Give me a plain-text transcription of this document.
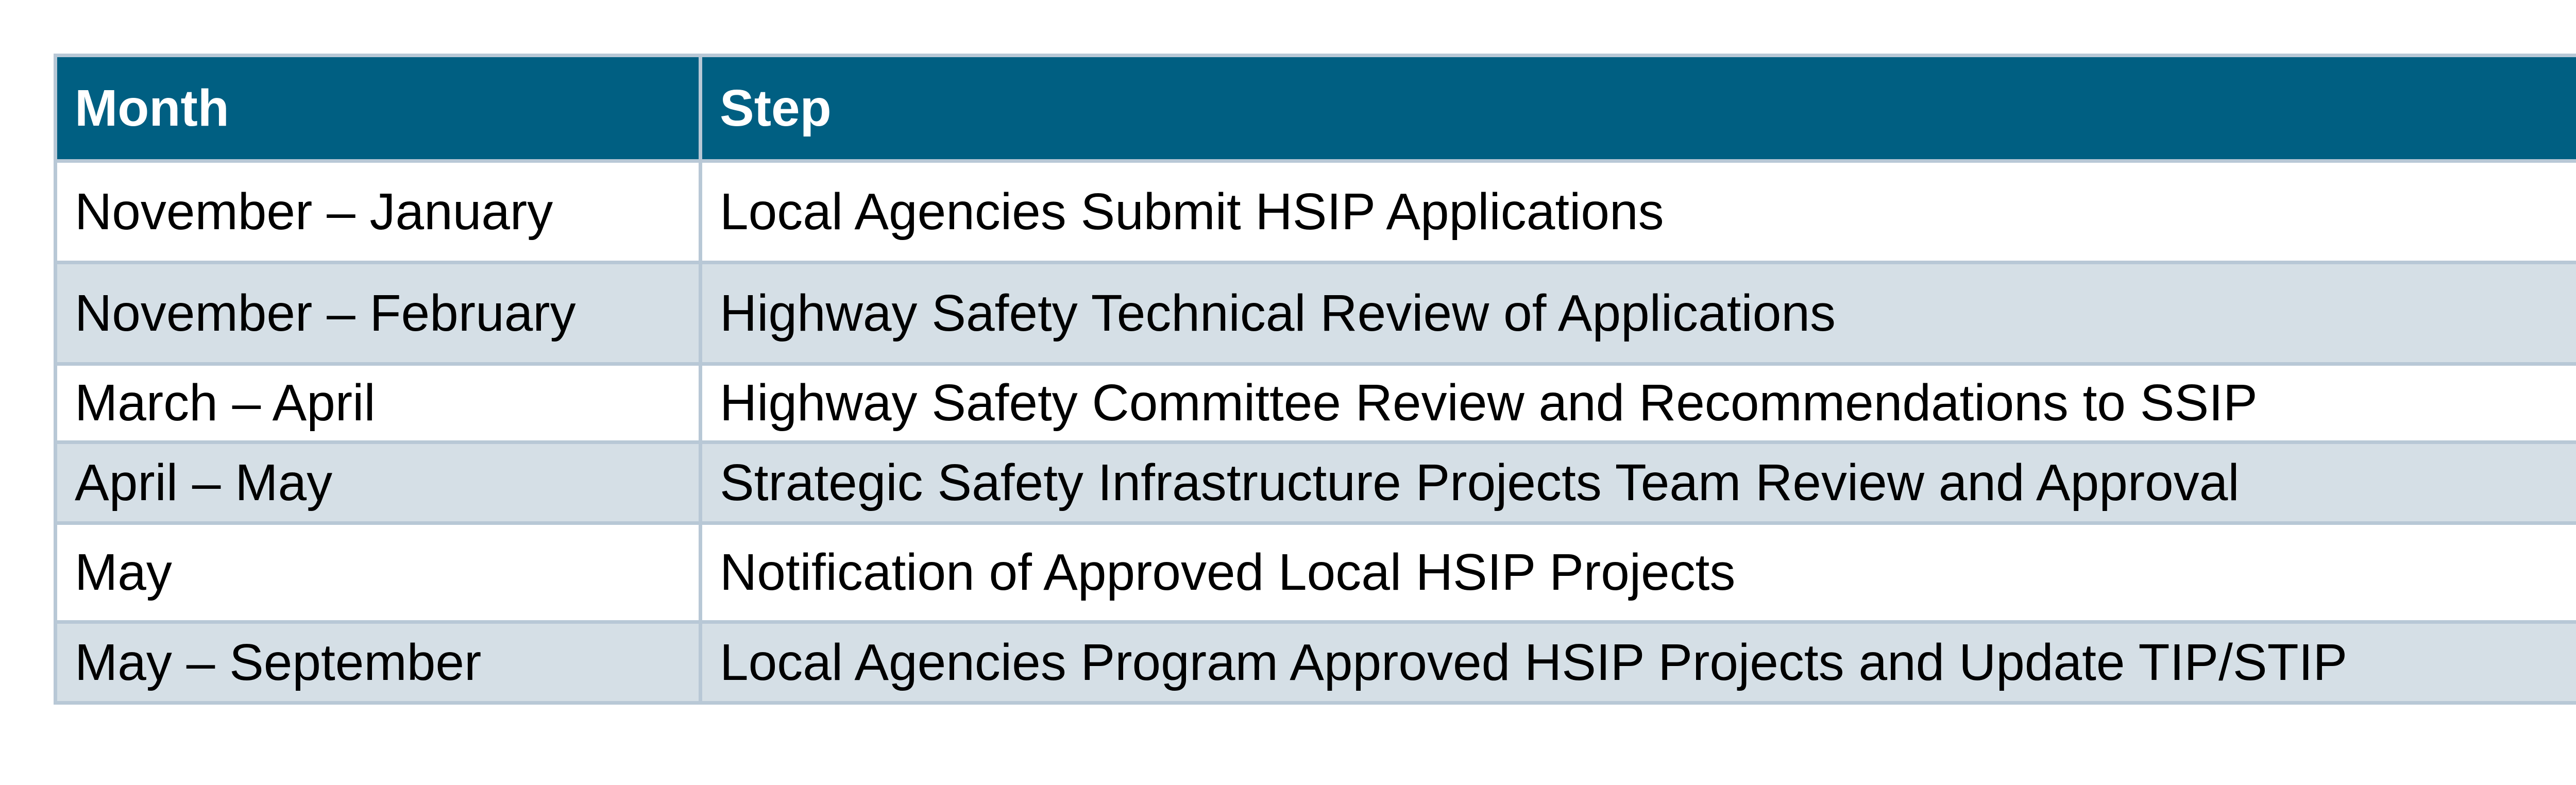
Month	Step
November – January	Local Agencies Submit HSIP Applications
November – February	Highway Safety Technical Review of Applications
March – April	Highway Safety Committee Review and Recommendations to SSIP
April – May	Strategic Safety Infrastructure Projects Team Review and Approval
May	Notification of Approved Local HSIP Projects
May – September	Local Agencies Program Approved HSIP Projects and Update TIP/STIP
